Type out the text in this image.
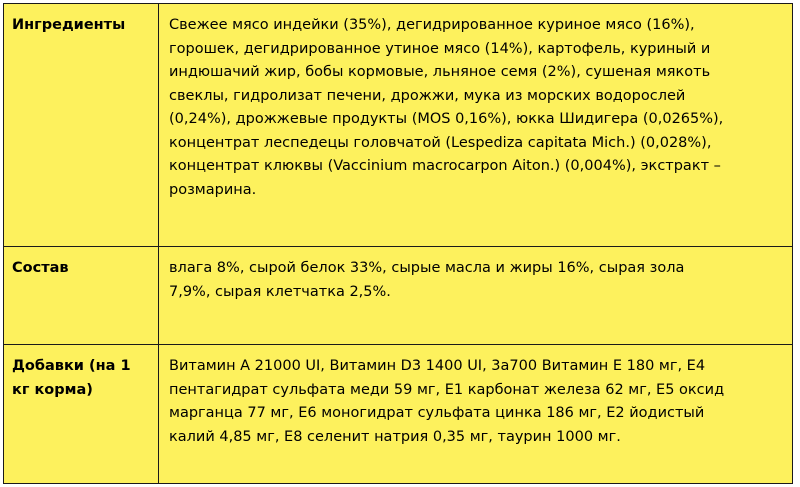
Ингредиенты	Свежее мясо индейки (35%), дегидрированное куриное мясо (16%),
горошек, дегидрированное утиное мясо (14%), картофель, куриный и
индюшачий жир, бобы кормовые, льняное семя (2%), сушеная мякоть
свеклы, гидролизат печени, дрожжи, мука из морских водорослей
(0,24%), дрожжевые продукты (MOS 0,16%), юкка Шидигера (0,0265%),
концентрат леспедецы головчатой (Lespediza capitata Mich.) (0,028%),
концентрат клюквы (Vaccinium macrocarpon Aiton.) (0,004%), экстракт –
розмарина.
Состав	влага 8%, сырой белок 33%, сырые масла и жиры 16%, сырая зола
7,9%, сырая клетчатка 2,5%.
Добавки (на 1
кг корма)
Витамин А 21000 UI, Витамин D3 1400 UI, 3a700 Витамин Е 180 мг, E4
пентагидрат сульфата меди 59 мг, E1 карбонат железа 62 мг, E5 оксид
марганца 77 мг, E6 моногидрат сульфата цинка 186 мг, E2 йодистый
калий 4,85 мг, E8 селенит натрия 0,35 мг, таурин 1000 мг.
